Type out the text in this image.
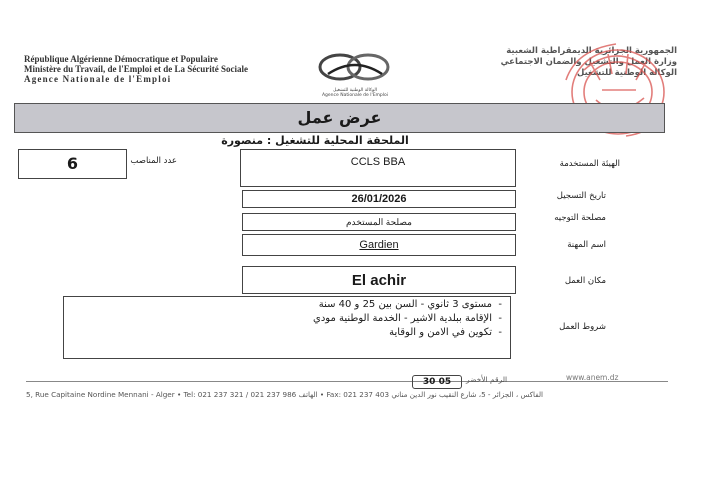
République Algérienne Démocratique et Populaire
Ministère du Travail, de l'Emploi et de La Sécurité Sociale
Agence Nationale de l'Emploi
الوكالة الوطنية للتشغيل
Agence Nationale de l'Emploi
الجمهورية الجزائرية الديمقراطية الشعبية
وزارة العمل والتشغيل والضمان الاجتماعي
الوكالة الوطنية للتشغيل
عرض عمل
الملحقة المحلية للتشغيل : منصورة
6	عدد المناصب	CCLS BBA	الهيئة المستخدمة
26/01/2026	تاريخ التسجيل
مصلحة المستخدم	مصلحة التوجيه
Gardien	اسم المهنة
El achir	مكان العمل
-  مستوى 3 ثانوي - السن بين 25 و 40 سنة
-  الإقامة ببلدية الاشير - الخدمة الوطنية مودي
-  تكوين في الامن و الوقاية	شروط العمل
30 05	الرقم الأخضر	www.anem.dz
5, Rue Capitaine Nordine Mennani - Alger • Tel: 021 237 321 / 021 237 986 الهاتف • Fax: 021 237 403 الفاكس ، الجزائر - 5، شارع النقيب نور الدين مناني
